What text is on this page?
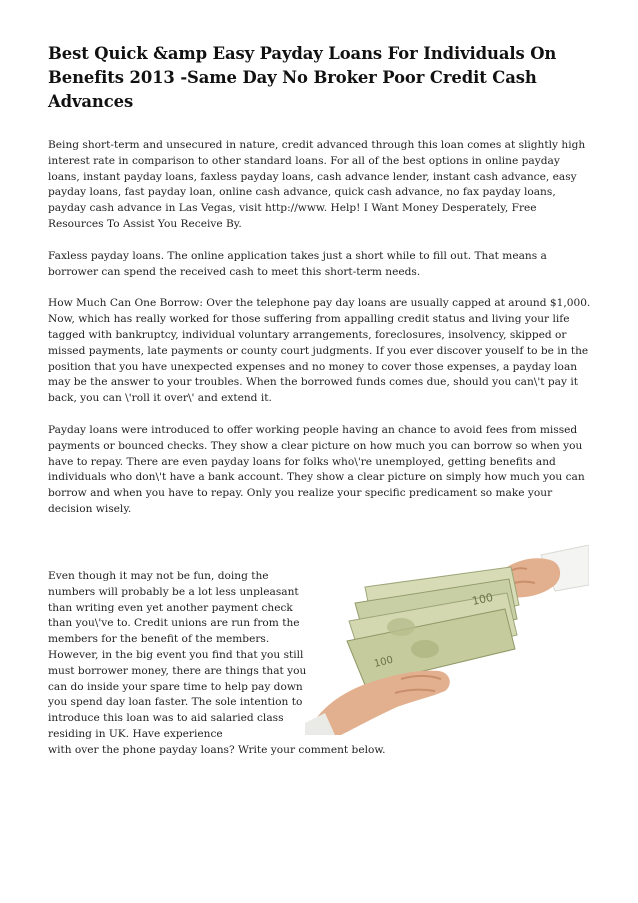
Best Quick &amp Easy Payday Loans For Individuals On Benefits 2013 -Same Day No Broker Poor Credit Cash Advances

Being short-term and unsecured in nature, credit advanced through this loan comes at slightly high interest rate in comparison to other standard loans. For all of the best options in online payday loans, instant payday loans, faxless payday loans, cash advance lender, instant cash advance, easy payday loans, fast payday loan, online cash advance, quick cash advance, no fax payday loans, payday cash advance in Las Vegas, visit http://www. Help! I Want Money Desperately, Free Resources To Assist You Receive By.

Faxless payday loans. The online application takes just a short while to fill out. That means a borrower can spend the received cash to meet this short-term needs.

How Much Can One Borrow: Over the telephone pay day loans are usually capped at around $1,000. Now, which has really worked for those suffering from appalling credit status and living your life tagged with bankruptcy, individual voluntary arrangements, foreclosures, insolvency, skipped or missed payments, late payments or county court judgments. If you ever discover youself to be in the position that you have unexpected expenses and no money to cover those expenses, a payday loan may be the answer to your troubles. When the borrowed funds comes due, should you can\'t pay it back, you can \'roll it over\' and extend it.

Payday loans were introduced to offer working people having an chance to avoid fees from missed payments or bounced checks. They show a clear picture on how much you can borrow so when you have to repay. There are even payday loans for folks who\'re unemployed, getting benefits and individuals who don\'t have a bank account. They show a clear picture on simply how much you can borrow and when you have to repay. Only you realize your specific predicament so make your decision wisely.

Even though it may not be fun, doing the numbers will probably be a lot less unpleasant than writing even yet another payment check than you\'ve to. Credit unions are run from the members for the benefit of the members. However, in the big event you find that you still must borrower money, there are things that you can do inside your spare time to help pay down you spend day loan faster. The sole intention to introduce this loan was to aid salaried class residing in UK. Have experience
with over the phone payday loans? Write your comment below.
100
100
